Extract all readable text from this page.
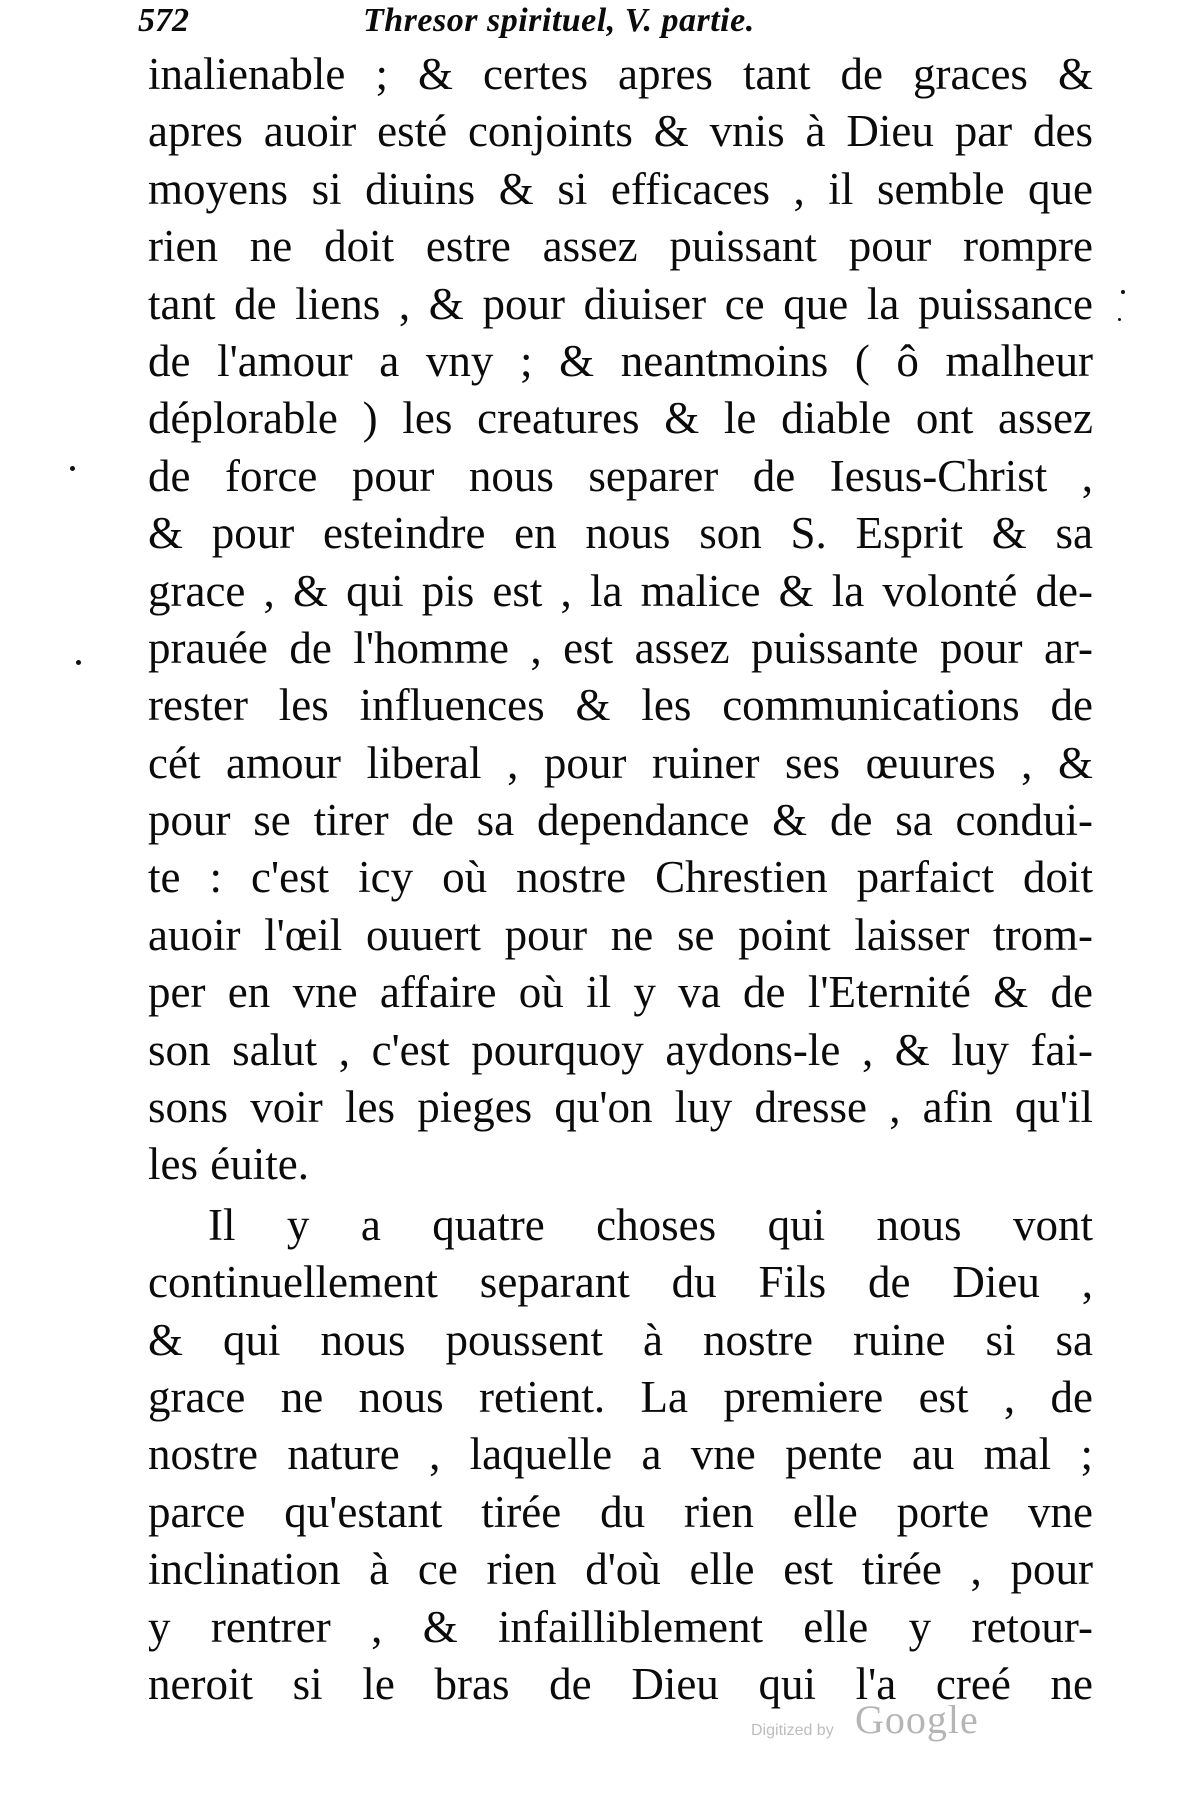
572	Thresor spirituel, V. partie.
inalienable ; & certes apres tant de graces &
apres auoir esté conjoints & vnis à Dieu par des
moyens si diuins & si efficaces , il semble que
rien ne doit estre assez puissant pour rompre
tant de liens , & pour diuiser ce que la puissance
de l'amour a vny ; & neantmoins ( ô malheur
déplorable ) les creatures & le diable ont assez
de force pour nous separer de Iesus-Christ ,
& pour esteindre en nous son S. Esprit & sa
grace , & qui pis est , la malice & la volonté de-
prauée de l'homme , est assez puissante pour ar-
rester les influences & les communications de
cét amour liberal , pour ruiner ses œuures , &
pour se tirer de sa dependance & de sa condui-
te : c'est icy où nostre Chrestien parfaict doit
auoir l'œil ouuert pour ne se point laisser trom-
per en vne affaire où il y va de l'Eternité & de
son salut , c'est pourquoy aydons-le , & luy fai-
sons voir les pieges qu'on luy dresse , afin qu'il
les éuite.
Il y a quatre choses qui nous vont
continuellement separant du Fils de Dieu ,
& qui nous poussent à nostre ruine si sa
grace ne nous retient. La premiere est , de
nostre nature , laquelle a vne pente au mal ;
parce qu'estant tirée du rien elle porte vne
inclination à ce rien d'où elle est tirée , pour
y rentrer , & infailliblement elle y retour-
neroit si le bras de Dieu qui l'a creé ne
Digitized by Google
